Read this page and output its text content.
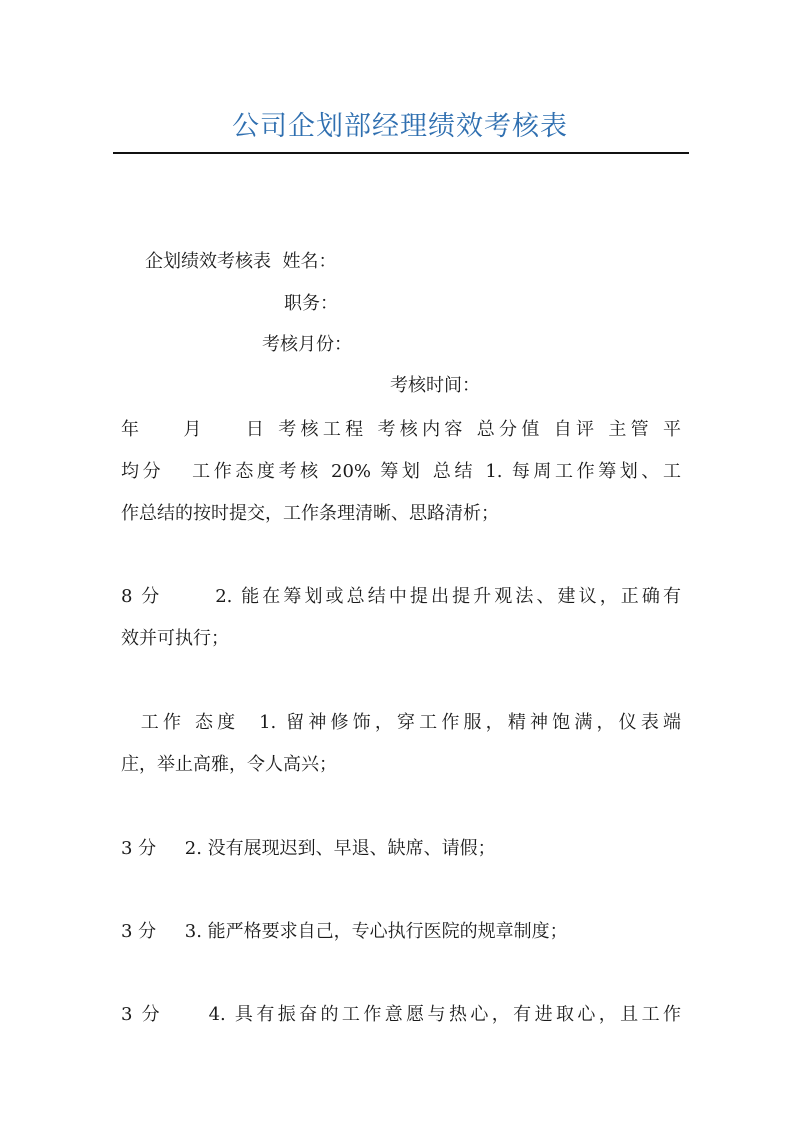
公司企划部经理绩效考核表
企划绩效考核表  姓名：
职务：
考核月份：
考核时间：
年    月    日 考核工程 考核内容 总分值 自评 主管 平
均分   工作态度考核 20% 筹划 总结 1. 每周工作筹划、工
作总结的按时提交，工作条理清晰、思路清析；
8 分      2. 能在筹划或总结中提出提升观法、建议，正确有
效并可执行；
工作 态度  1. 留神修饰，穿工作服，精神饱满，仪表端
庄，举止高雅，令人高兴；
3 分     2. 没有展现迟到、早退、缺席、请假；
3 分     3. 能严格要求自己，专心执行医院的规章制度；
3 分     4. 具有振奋的工作意愿与热心，有进取心，且工作
